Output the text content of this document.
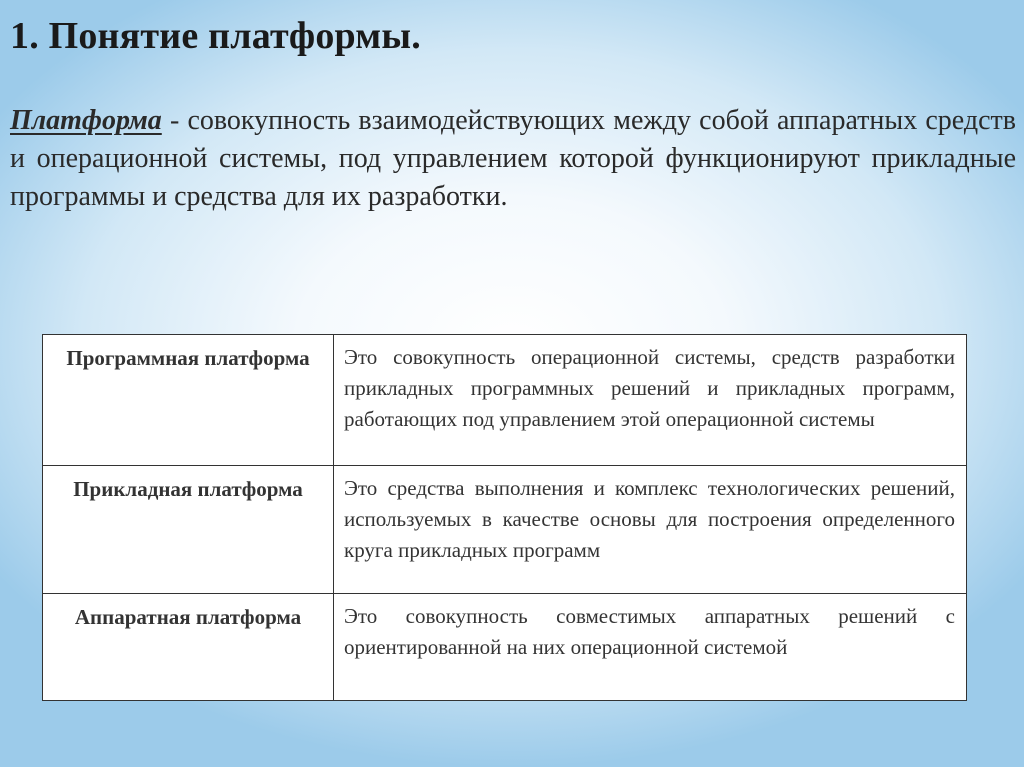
1. Понятие платформы.

Платформа - совокупность взаимодействующих между собой аппаратных средств и операционной системы, под управлением которой функционируют прикладные программы и средства для их разработки.

Программная платформа	Это совокупность операционной системы, средств разработки прикладных программных решений и прикладных программ, работающих под управлением этой операционной системы
Прикладная платформа	Это средства выполнения и комплекс технологических решений, используемых в качестве основы для построения определенного круга прикладных программ
Аппаратная платформа	Это совокупность совместимых аппаратных решений с ориентированной на них операционной системой
